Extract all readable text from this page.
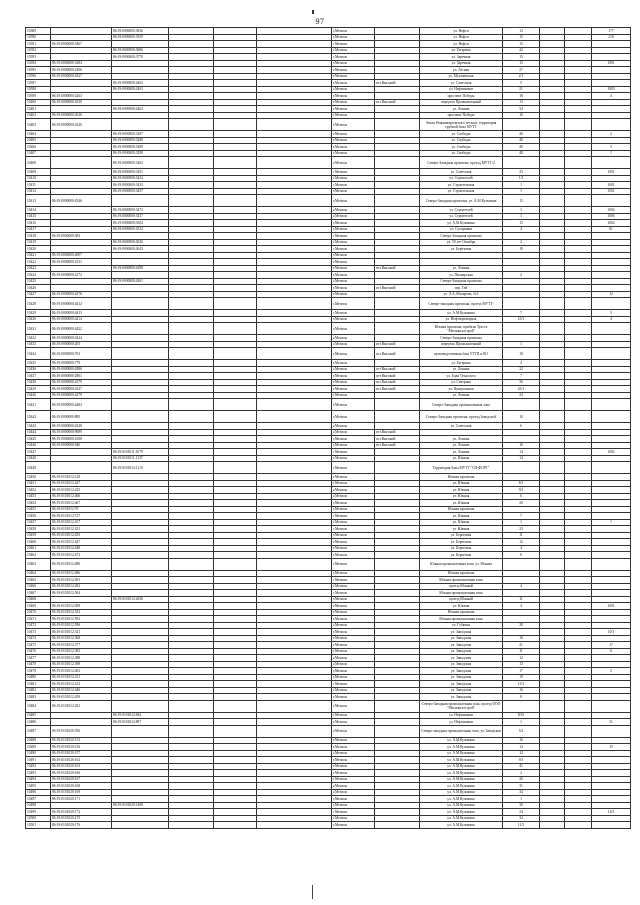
97
10389		86:19:0000000:3836				г.Мегион		ул. Нефти	13			177
10390		86:19:0000000:3559				г.Мегион		ул. Нефти	15			216
10391	86:19:0000000:3467					г.Мегион		ул. Нефти	15			
10392		86:19:0000000:3686				г.Мегион		ул. Гагарина	42			
10393		86:19:0000000:3770				г.Мегион		ул. Заречная	15			
10394	86:19:0000000:3284					г.Мегион		ул. Заречная	15			1001
10395	86:19:0000000:2406					г.Мегион		ул. Лесная	27			
10396	86:19:0000000:4327					г.Мегион		ул. Мухачевская	2/1			
10397		86:19:0000000:4263				г.Мегион	пгт.Высокий	ул. Советская	5			
10398		86:19:0000000:4263				г.Мегион		ул. Нефтяников	21			1003
10399	86:19:0000000:4263					г.Мегион		проспект Победы	18			4
10400	86:19:0000000:4330					г.Мегион	пгт.Высокий	переулок Промышленный	13			
10401		86:19:0000000:4463				г.Мегион		ул. Ленина	54			
10402	86:19:0000000:2626					г.Мегион		проспект Победы	16			
10403	86:19:0000000:4320					г.Мегион		Земли Нижневартовского лесхоза, территория трубной базы МУТТ				
10404		86:19:0000000:3287				г.Мегион		ул. Свободы	40			2
10405		86:19:0000000:3288				г.Мегион		ул. Свободы	40			
10406		86:19:0000000:3289				г.Мегион		ул. Свободы	40			3
10407		86:19:0000000:3290				г.Мегион		ул. Свободы	40			1
10408		86:19:0000000:3263				г.Мегион		Северо-Западная промзона, проезд МУТТ-2				
10409		86:19:0000000:3291				г.Мегион		ул. Советская	23			1001
10410		86:19:0000000:3434				г.Мегион		ул. Строителей	1/3			
10411		86:19:0000000:3433				г.Мегион		ул. Строительная	1			1001
10412		86:19:0000000:3457				г.Мегион		ул. Строительная	1			1001
10413	86:19:0000000:4346					г.Мегион		Северо-Западная промзона, ул. А.М.Кузьмина	15			
10414		86:19:0000000:3471				г.Мегион		ул. Строителей	1			1004
10415		86:19:0000000:3437				г.Мегион		ул. Строителей	1			1006
10416		86:19:0000000:3502				г.Мегион		ул. А.М.Кузьмина	15			1002
10417		86:19:0000000:3532				г.Мегион		ул. Сутормина	4			61
10418	86:19:0000000:383					г.Мегион		Северо-Западная промзона				
10419		86:19:0000000:3026				г.Мегион		ул. 50 лет Октября	2			
10420		86:19:0000000:3643				г.Мегион		ул. Берёзовая	19			
10421	86:19:0000000:4007					г.Мегион						
10422	86:19:0000000:4131					г.Мегион						
10423		86:19:0000000:4388				г.Мегион	пгт.Высокий	ул. Ленина				
10424	86:19:0000000:4172					г.Мегион		ул. Пионерская	2			
10425		86:19:0000000:4261				г.Мегион		Северо-Западная промзона				
10426						г.Мегион	пгт.Высокий	пер. Тей				
10427	86:19:0000000:4376					г.Мегион		ул. Л.А.Абазарова, №3				12
10428	86:19:0000000:4412					г.Мегион		Северо-западная промзона, проезд МУТТ-				
10429	86:19:0000000:4413					г.Мегион		ул. А.М.Кузьмина	7			5
10430	86:19:0000000:4414					г.Мегион		ул. Нефтепроводная	23/1			4
10431	86:19:0000000:4422					г.Мегион		Южная промзона, прибазы Треста "Мегионгазстрой"				
10432	86:19:0000000:4424					г.Мегион		Северо-Западная промзона				
10433	86:19:0000000:203					г.Мегион	пгт.Высокий	переулок Промышленный	1			
10434	86:19:0000000:763					г.Мегион	пгт.Высокий	производственная база УТТП и КО	10			
10435	86:19:0000000:779					г.Мегион		ул. Гагарина	4			
10436	86:19:0000000:2886					г.Мегион	пгт.Высокий	ул. Ленина	22			
10437	86:19:0000000:2801					г.Мегион	пгт.Высокий	ул. Едва Технолога	7			
10438	86:19:0000000:4379					г.Мегион	пгт.Высокий	ул. Северная	36			
10439	86:19:0000000:4327					г.Мегион	пгт.Высокий	ул. Центральная	43/1			
10440	86:19:0000000:4479					г.Мегион		ул. Ленина	24			
10441	86:19:0000000:4483					г.Мегион		Северо-Западная промышленная зона				
10442	86:19:0000000:885					г.Мегион		Северо-Западная промзона, проезд Заводской	10			
10443	86:19:0000000:4328					г.Мегион		ул. Советская	6			
10444	86:19:0000000:9089					г.Мегион	пгт.Высокий					
10445	86:19:0000000:1008					г.Мегион	пгт.Высокий	ул. Ленина				
10446	86:19:0000000:946					г.Мегион	пгт.Высокий	ул. Ленина	16			
10447		86:19:0101011:1679				г.Мегион		ул. Ленина	14			1002
10448		86:19:0101011:1137				г.Мегион		ул. Южная	14			
10449		86:19:0101012:1119				г.Мегион		Территория базы МУТТ "СП-ФОРТ"				
10450	86:19:0101012:128					г.Мегион		Южная промзона				
10451	86:19:0101012:427					г.Мегион		ул. Южная	6/1			
10452	86:19:0101012:435					г.Мегион		ул. Южная	9/1			
10453	86:19:0101012:466					г.Мегион		ул. Южная	6			
10454	86:19:0101012:467					г.Мегион		ул. Южная	20			
10455	86:19:0101012:70					г.Мегион		Южная промзона				
10456	86:19:0101012:727					г.Мегион		ул. Южная	7			
10457	86:19:0101012:107					г.Мегион		ул. Южная	1			1
10458	86:19:0101012:331					г.Мегион		ул. Южная	23			
10459	86:19:0101012:435					г.Мегион		ул. Береговая	11			
10460	86:19:0101012:447					г.Мегион		ул. Береговая	12			
10461	86:19:0101012:448					г.Мегион		ул. Береговая	4			
10462	86:19:0101012:472					г.Мегион		ул. Береговая	6			
10463	86:19:0101012:480					г.Мегион		Южная промышленная зона, ул. Южная				
10464	86:19:0101012:486					г.Мегион		Южная промзона				
10465	86:19:0101012:491					г.Мегион		Южная промышленная зона				
10466	86:19:0101012:492					г.Мегион		проезд Южный	4			
10467	86:19:0101012:504					г.Мегион		Южная промышленная зона				
10468		86:19:0101012:2636				г.Мегион		проезд Южный	11			
10469	86:19:0101012:509					г.Мегион		ул. Южная	4			1001
10470	86:19:0101012:532					г.Мегион		Южная промзона				
10471	86:19:0101012:592					г.Мегион		Южная промышленная зона				
10472	86:19:0101012:596					г.Мегион		ул. Губкина	28			
10473	86:19:0101012:321					г.Мегион		ул. Заводская				10/1
10474	86:19:0101012:368					г.Мегион		ул. Заводская	18			
10475	86:19:0101012:377					г.Мегион		ул. Заводская	21			17
10476	86:19:0101012:383					г.Мегион		ул. Заводская	11			6
10477	86:19:0101012:388					г.Мегион		ул. Заводская	12			
10478	86:19:0101012:398					г.Мегион		ул. Заводская	13			
10479	86:19:0101012:403					г.Мегион		ул. Заводская	17			5
10480	86:19:0101012:411					г.Мегион		ул. Заводская	19			
10481	86:19:0101012:412					г.Мегион		ул. Заводская	13/1			
10482	86:19:0101012:446					г.Мегион		ул. Заводская	16			
10483	86:19:0101012:459					г.Мегион		ул. Заводская	8			
10484	86:19:0101012:452					г.Мегион		Северо-Западная промышленная зона, проезд ООО "Мегионгазстрой"				
10485		86:19:0101012:844				г.Мегион		ул. Нефтяников	8/25			
10486		86:19:0101012:897				г.Мегион		ул. Нефтяников	1			31
10487	86:19:0101020:356					г.Мегион		Северо-западная промышленная зона, ул. Заводская	5/2			
10488	86:19:0101020:153					г.Мегион		ул. А.М.Кузьмина	16			
10489	86:19:0101020:156					г.Мегион		ул. А.М.Кузьмина	14			15
10490	86:19:0101020:157					г.Мегион		ул. А.М.Кузьмина	12			
10491	86:19:0101020:162					г.Мегион		ул. А.М.Кузьмина	9/1			
10492	86:19:0101020:163					г.Мегион		ул. А.М.Кузьмина	41			
10493	86:19:0101020:166					г.Мегион		ул. А.М.Кузьмина	2			
10494	86:19:0101020:167					г.Мегион		ул. А.М.Кузьмина	26			
10495	86:19:0101020:168					г.Мегион		ул. А.М.Кузьмина	31			
10496	86:19:0101020:169					г.Мегион		ул. А.М.Кузьмина	34			
10497	86:19:0101020:171					г.Мегион		ул. А.М.Кузьмина	1			
10498		86:19:0101020:1408				г.Мегион		ул. А.М.Кузьмина	30			
10499	86:19:0101020:172					г.Мегион		ул. А.М.Кузьмина	24			14/3
10500	86:19:0101020:175					г.Мегион		ул. А.М.Кузьмина	34			
10501	86:19:0101020:176					г.Мегион		ул. А.М.Кузьмина	11/2			
